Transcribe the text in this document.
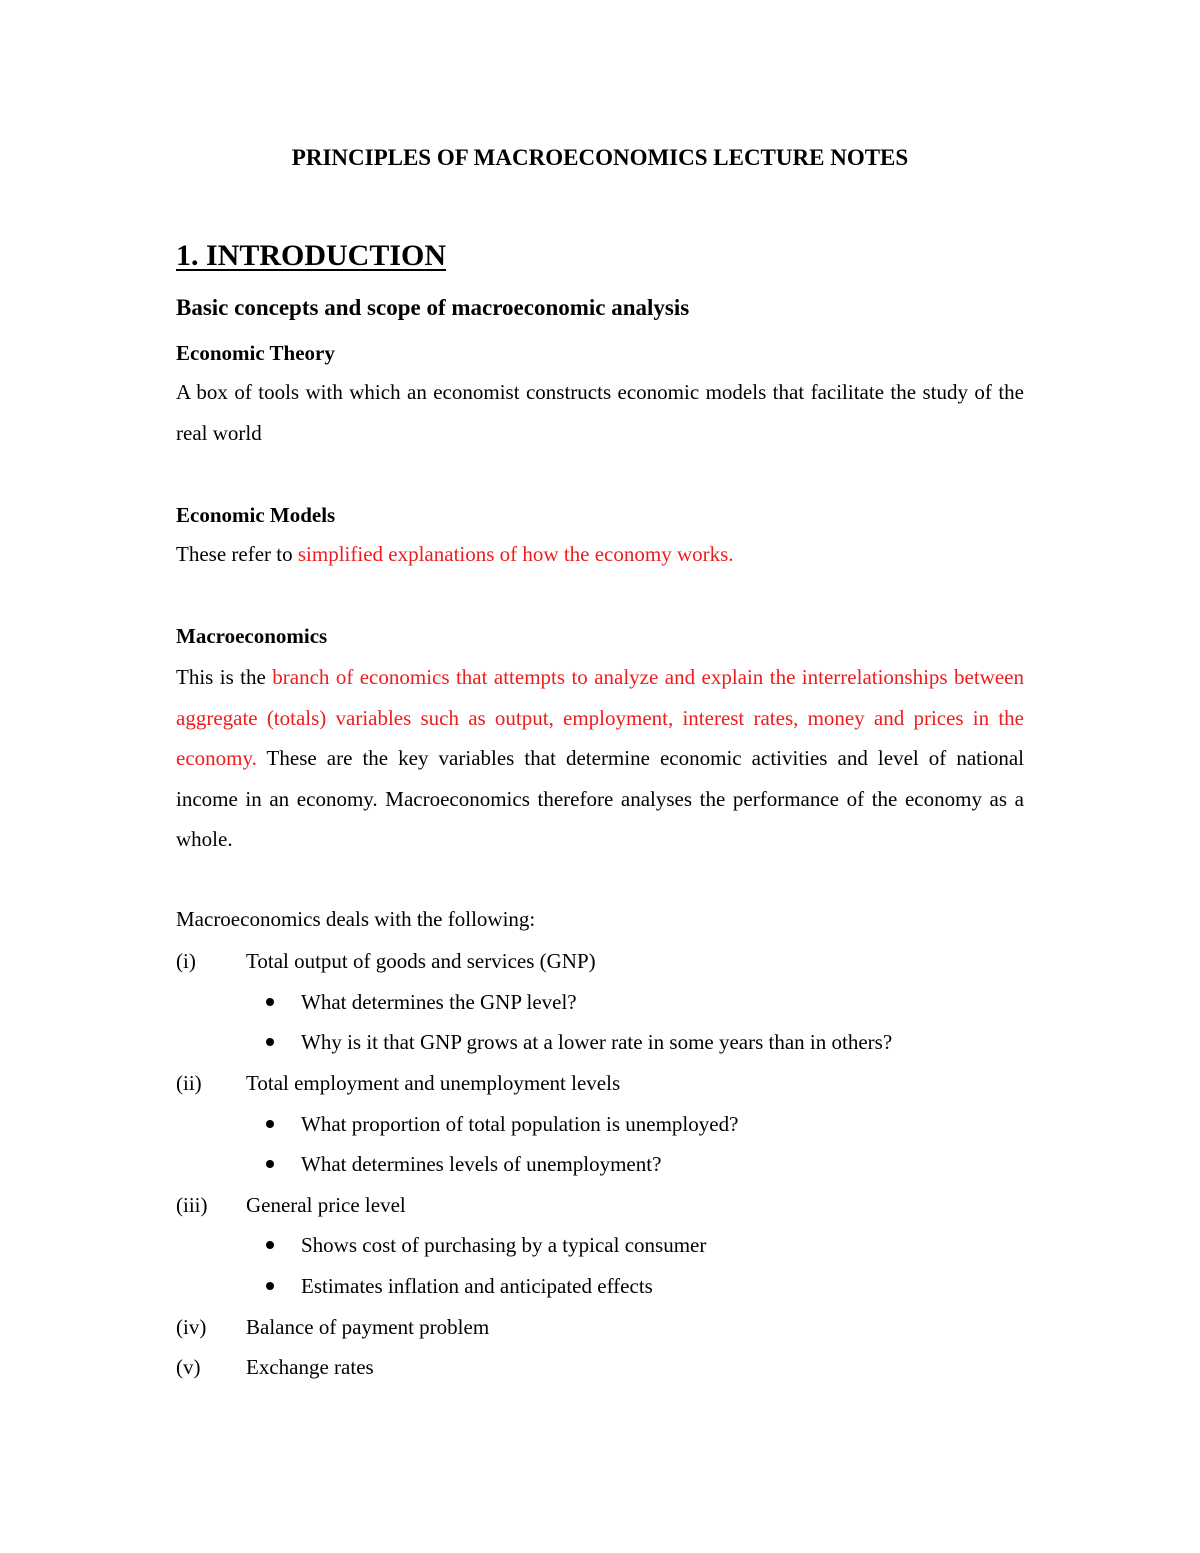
PRINCIPLES OF MACROECONOMICS LECTURE NOTES
1. INTRODUCTION
Basic concepts and scope of macroeconomic analysis
Economic Theory

A box of tools with which an economist constructs economic models that facilitate the study of the real world

Economic Models

These refer to simplified explanations of how the economy works.

Macroeconomics

This is the branch of economics that attempts to analyze and explain the interrelationships between aggregate (totals) variables such as output, employment, interest rates, money and prices in the economy. These are the key variables that determine economic activities and level of national income in an economy. Macroeconomics therefore analyses the performance of the economy as a whole.

Macroeconomics deals with the following:

(i) Total output of goods and services (GNP)
What determines the GNP level?
Why is it that GNP grows at a lower rate in some years than in others?
(ii) Total employment and unemployment levels
What proportion of total population is unemployed?
What determines levels of unemployment?
(iii) General price level
Shows cost of purchasing by a typical consumer
Estimates inflation and anticipated effects
(iv) Balance of payment problem
(v) Exchange rates
